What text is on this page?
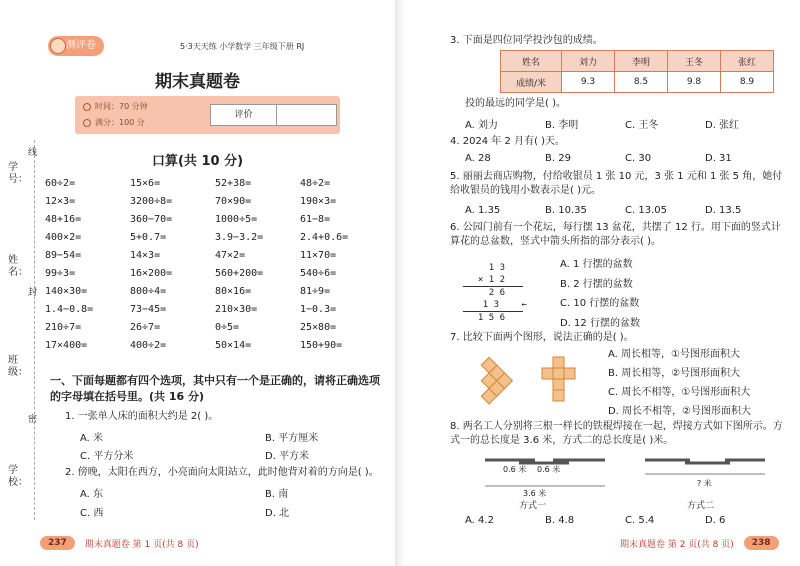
测评卷	5·3天天练 小学数学 三年级下册 RJ
期末真题卷
时间：70 分钟
满分：100 分
评价
口算(共 10 分)
60÷2=	15×6=	52+38=	48÷2=
12×3=	3200÷8=	70×90=	190×3=
48+16=	360−70=	1000÷5=	61−8=
400×2=	5+0.7=	3.9−3.2=	2.4+0.6=
89−54=	14×3=	47×2=	11×70=
99÷3=	16×200=	560+200=	540÷6=
140×30=	800÷4=	80×16=	81÷9=
1.4−0.8=	73−45=	210×30=	1−0.3=
210÷7=	26÷7=	0÷5=	25×80=
17×400=	400÷2=	50×14=	150+90=
学号：
姓名：
班级：
学校：
线
封
密
一、下面每题都有四个选项，其中只有一个是正确的，请将正确选项的字母填在括号里。(共 16 分)
1. 一张单人床的面积大约是 2( )。
A. 米	B. 平方厘米
C. 平方分米	D. 平方米
2. 傍晚，太阳在西方，小亮面向太阳站立，此时他背对着的方向是( )。
A. 东	B. 南
C. 西	D. 北
237	期末真题卷 第 1 页(共 8 页)
3. 下面是四位同学投沙包的成绩。
姓名	刘力	李明	王冬	张红
成绩/米	9.3	8.5	9.8	8.9
投的最远的同学是( )。
A. 刘力	B. 李明	C. 王冬	D. 张红
4. 2024 年 2 月有( )天。
A. 28	B. 29	C. 30	D. 31
5. 丽丽去商店购物，付给收银员 1 张 10 元，3 张 1 元和 1 张 5 角，她付给收银员的钱用小数表示是( )元。
A. 1.35	B. 10.35	C. 13.05	D. 13.5
6. 公园门前有一个花坛，每行摆 13 盆花，共摆了 12 行。用下面的竖式计算花的总盆数，竖式中箭头所指的部分表示( )。
1 3
× 1 2
2 6
1 3	←
1 5 6
A. 1 行摆的盆数
B. 2 行摆的盆数
C. 10 行摆的盆数
D. 12 行摆的盆数
7. 比较下面两个图形，说法正确的是( )。
A. 周长相等，①号图形面积大
B. 周长相等，②号图形面积大
C. 周长不相等，①号图形面积大
D. 周长不相等，②号图形面积大
8. 两名工人分别将三根一样长的铁棍焊接在一起，焊接方式如下图所示。方式一的总长度是 3.6 米，方式二的总长度是( )米。
0.6 米 0.6 米
3.6 米
方式一
? 米
方式二
A. 4.2	B. 4.8	C. 5.4	D. 6
期末真题卷 第 2 页(共 8 页)	238
